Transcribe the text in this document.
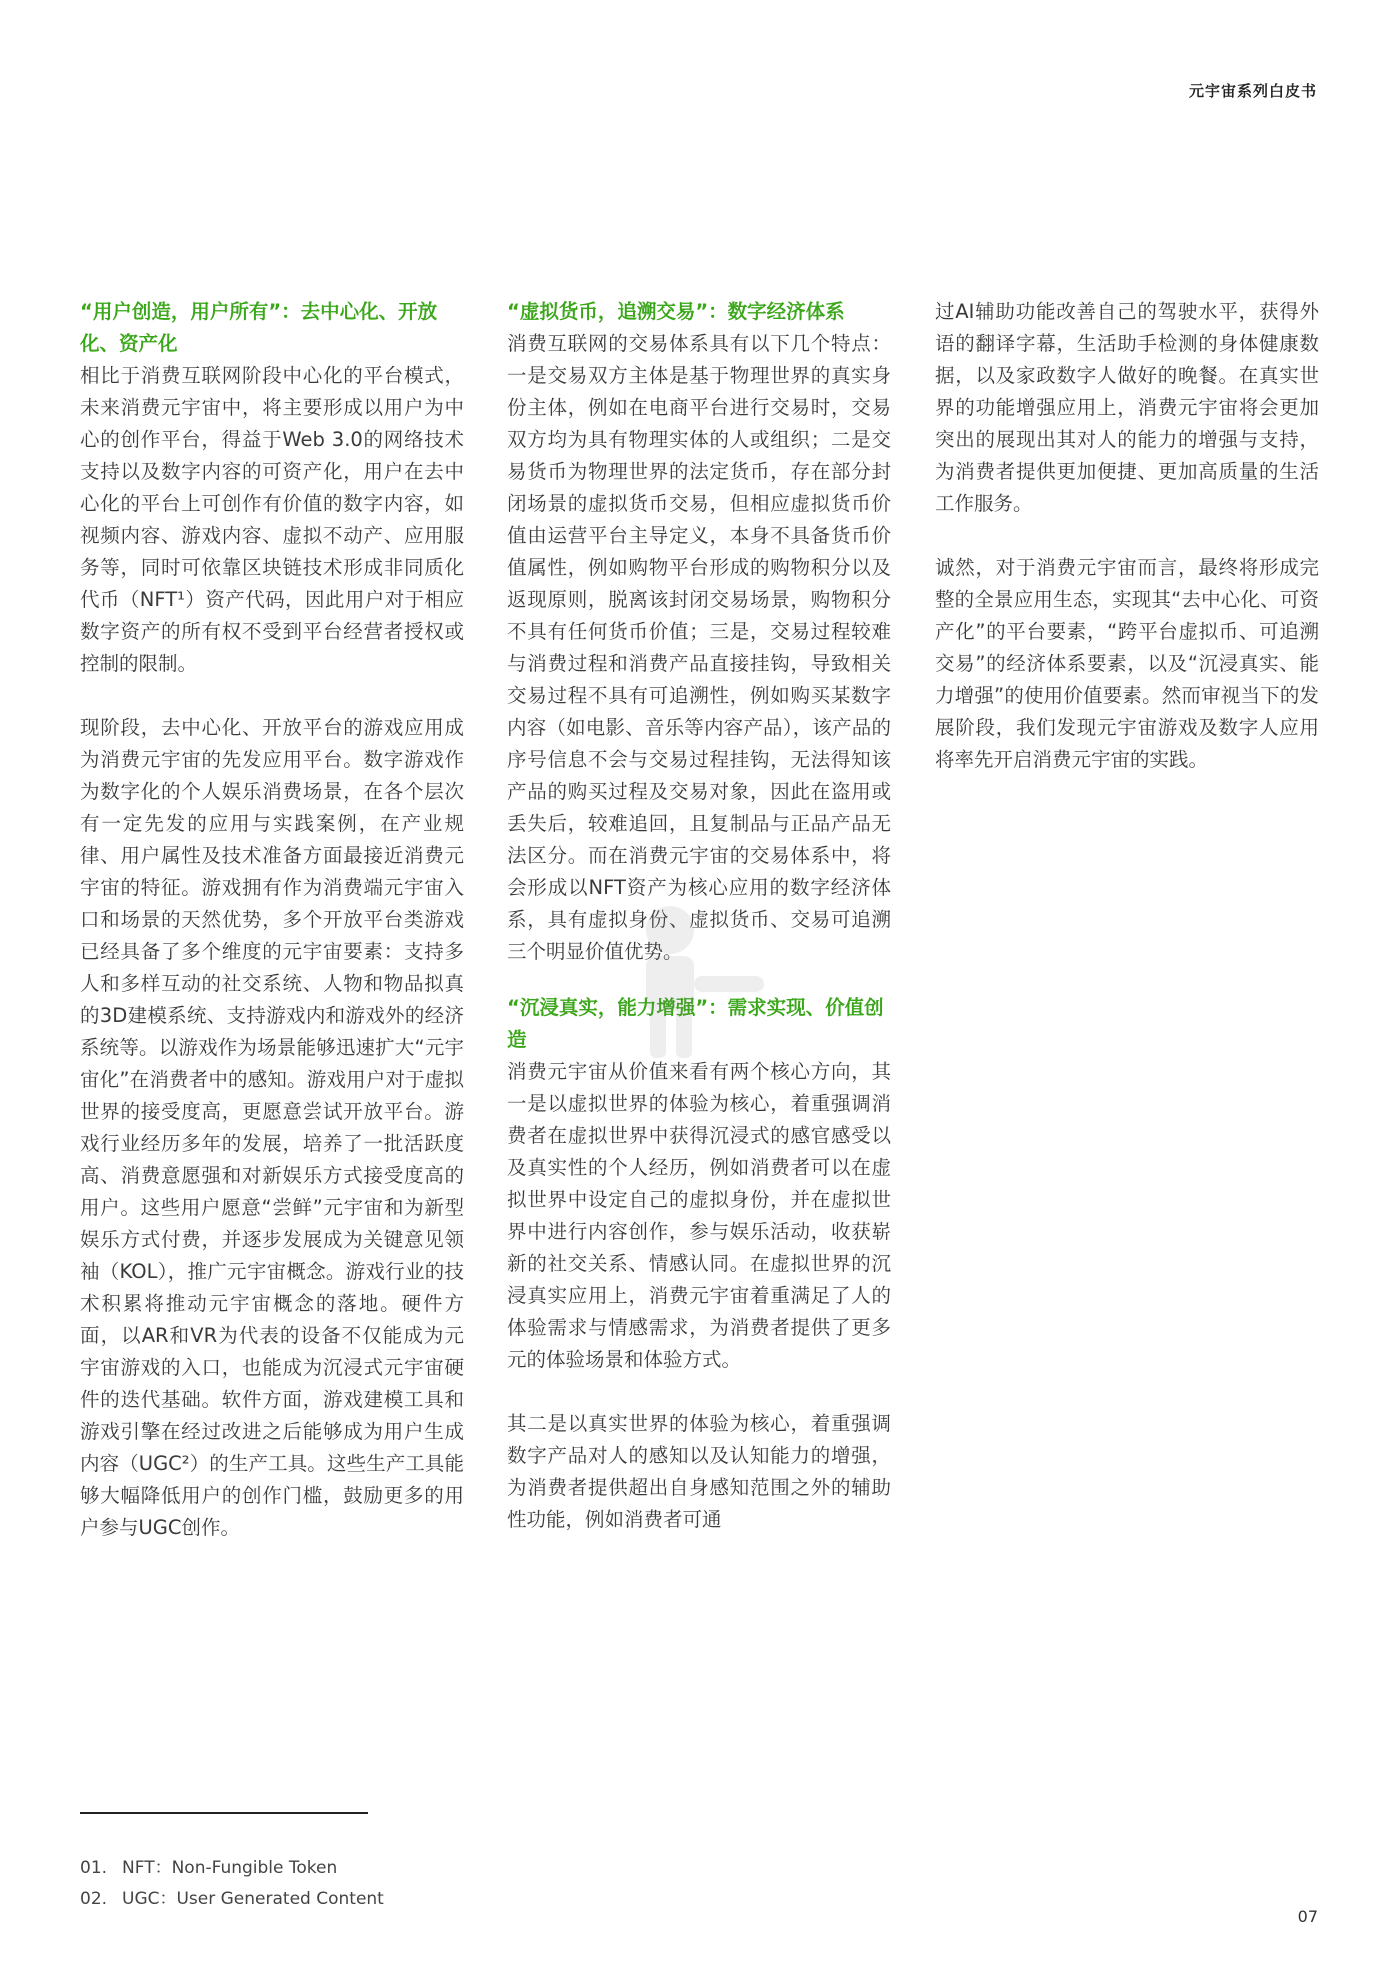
元宇宙系列白皮书

“用户创造，用户所有”：去中心化、开放化、资产化

相比于消费互联网阶段中心化的平台模式，未来消费元宇宙中，将主要形成以用户为中心的创作平台，得益于Web 3.0的网络技术支持以及数字内容的可资产化，用户在去中心化的平台上可创作有价值的数字内容，如视频内容、游戏内容、虚拟不动产、应用服务等，同时可依靠区块链技术形成非同质化代币（NFT¹）资产代码，因此用户对于相应数字资产的所有权不受到平台经营者授权或控制的限制。

现阶段，去中心化、开放平台的游戏应用成为消费元宇宙的先发应用平台。数字游戏作为数字化的个人娱乐消费场景，在各个层次有一定先发的应用与实践案例，在产业规律、用户属性及技术准备方面最接近消费元宇宙的特征。游戏拥有作为消费端元宇宙入口和场景的天然优势，多个开放平台类游戏已经具备了多个维度的元宇宙要素：支持多人和多样互动的社交系统、人物和物品拟真的3D建模系统、支持游戏内和游戏外的经济系统等。以游戏作为场景能够迅速扩大“元宇宙化”在消费者中的感知。游戏用户对于虚拟世界的接受度高，更愿意尝试开放平台。游戏行业经历多年的发展，培养了一批活跃度高、消费意愿强和对新娱乐方式接受度高的用户。这些用户愿意“尝鲜”元宇宙和为新型娱乐方式付费，并逐步发展成为关键意见领袖（KOL），推广元宇宙概念。游戏行业的技术积累将推动元宇宙概念的落地。硬件方面，以AR和VR为代表的设备不仅能成为元宇宙游戏的入口，也能成为沉浸式元宇宙硬件的迭代基础。软件方面，游戏建模工具和游戏引擎在经过改进之后能够成为用户生成内容（UGC²）的生产工具。这些生产工具能够大幅降低用户的创作门槛，鼓励更多的用户参与UGC创作。

“虚拟货币，追溯交易”：数字经济体系

消费互联网的交易体系具有以下几个特点：一是交易双方主体是基于物理世界的真实身份主体，例如在电商平台进行交易时，交易双方均为具有物理实体的人或组织；二是交易货币为物理世界的法定货币，存在部分封闭场景的虚拟货币交易，但相应虚拟货币价值由运营平台主导定义，本身不具备货币价值属性，例如购物平台形成的购物积分以及返现原则，脱离该封闭交易场景，购物积分不具有任何货币价值；三是，交易过程较难与消费过程和消费产品直接挂钩，导致相关交易过程不具有可追溯性，例如购买某数字内容（如电影、音乐等内容产品），该产品的序号信息不会与交易过程挂钩，无法得知该产品的购买过程及交易对象，因此在盗用或丢失后，较难追回，且复制品与正品产品无法区分。而在消费元宇宙的交易体系中，将会形成以NFT资产为核心应用的数字经济体系，具有虚拟身份、虚拟货币、交易可追溯三个明显价值优势。

“沉浸真实，能力增强”：需求实现、价值创造

消费元宇宙从价值来看有两个核心方向，其一是以虚拟世界的体验为核心，着重强调消费者在虚拟世界中获得沉浸式的感官感受以及真实性的个人经历，例如消费者可以在虚拟世界中设定自己的虚拟身份，并在虚拟世界中进行内容创作，参与娱乐活动，收获崭新的社交关系、情感认同。在虚拟世界的沉浸真实应用上，消费元宇宙着重满足了人的体验需求与情感需求，为消费者提供了更多元的体验场景和体验方式。

其二是以真实世界的体验为核心，着重强调数字产品对人的感知以及认知能力的增强，为消费者提供超出自身感知范围之外的辅助性功能，例如消费者可通

过AI辅助功能改善自己的驾驶水平，获得外语的翻译字幕，生活助手检测的身体健康数据，以及家政数字人做好的晚餐。在真实世界的功能增强应用上，消费元宇宙将会更加突出的展现出其对人的能力的增强与支持，为消费者提供更加便捷、更加高质量的生活工作服务。

诚然，对于消费元宇宙而言，最终将形成完整的全景应用生态，实现其“去中心化、可资产化”的平台要素，“跨平台虚拟币、可追溯交易”的经济体系要素，以及“沉浸真实、能力增强”的使用价值要素。然而审视当下的发展阶段，我们发现元宇宙游戏及数字人应用将率先开启消费元宇宙的实践。

01. NFT：Non-Fungible Token
02. UGC：User Generated Content
07
